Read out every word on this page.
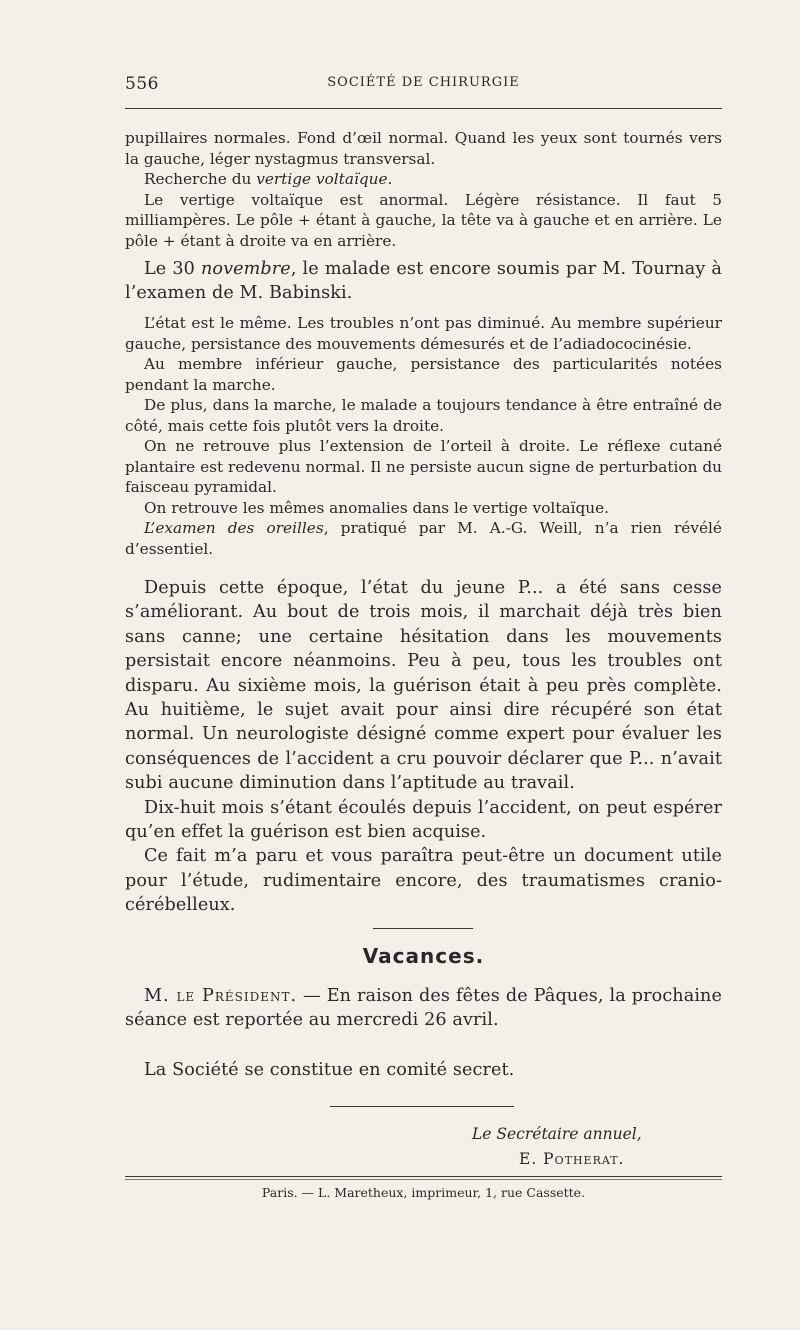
556	SOCIÉTÉ DE CHIRURGIE

pupillaires normales. Fond d’œil normal. Quand les yeux sont tournés vers la gauche, léger nystagmus transversal.

Recherche du vertige voltaïque.

Le vertige voltaïque est anormal. Légère résistance. Il faut 5 milliampères. Le pôle + étant à gauche, la tête va à gauche et en arrière. Le pôle + étant à droite va en arrière.

Le 30 novembre, le malade est encore soumis par M. Tournay à l’examen de M. Babinski.

L’état est le même. Les troubles n’ont pas diminué. Au membre supérieur gauche, persistance des mouvements démesurés et de l’adiadococinésie.

Au membre inférieur gauche, persistance des particularités notées pendant la marche.

De plus, dans la marche, le malade a toujours tendance à être entraîné de côté, mais cette fois plutôt vers la droite.

On ne retrouve plus l’extension de l’orteil à droite. Le réflexe cutané plantaire est redevenu normal. Il ne persiste aucun signe de perturbation du faisceau pyramidal.

On retrouve les mêmes anomalies dans le vertige voltaïque.

L’examen des oreilles, pratiqué par M. A.-G. Weill, n’a rien révélé d’essentiel.

Depuis cette époque, l’état du jeune P... a été sans cesse s’améliorant. Au bout de trois mois, il marchait déjà très bien sans canne; une certaine hésitation dans les mouvements persistait encore néanmoins. Peu à peu, tous les troubles ont disparu. Au sixième mois, la guérison était à peu près complète. Au huitième, le sujet avait pour ainsi dire récupéré son état normal. Un neurologiste désigné comme expert pour évaluer les conséquences de l’accident a cru pouvoir déclarer que P... n’avait subi aucune diminution dans l’aptitude au travail.

Dix-huit mois s’étant écoulés depuis l’accident, on peut espérer qu’en effet la guérison est bien acquise.

Ce fait m’a paru et vous paraîtra peut-être un document utile pour l’étude, rudimentaire encore, des traumatismes cranio-cérébelleux.

Vacances.

M. le Président. — En raison des fêtes de Pâques, la prochaine séance est reportée au mercredi 26 avril.

La Société se constitue en comité secret.

Le Secrétaire annuel,
E. Potherat.
Paris. — L. Maretheux, imprimeur, 1, rue Cassette.
